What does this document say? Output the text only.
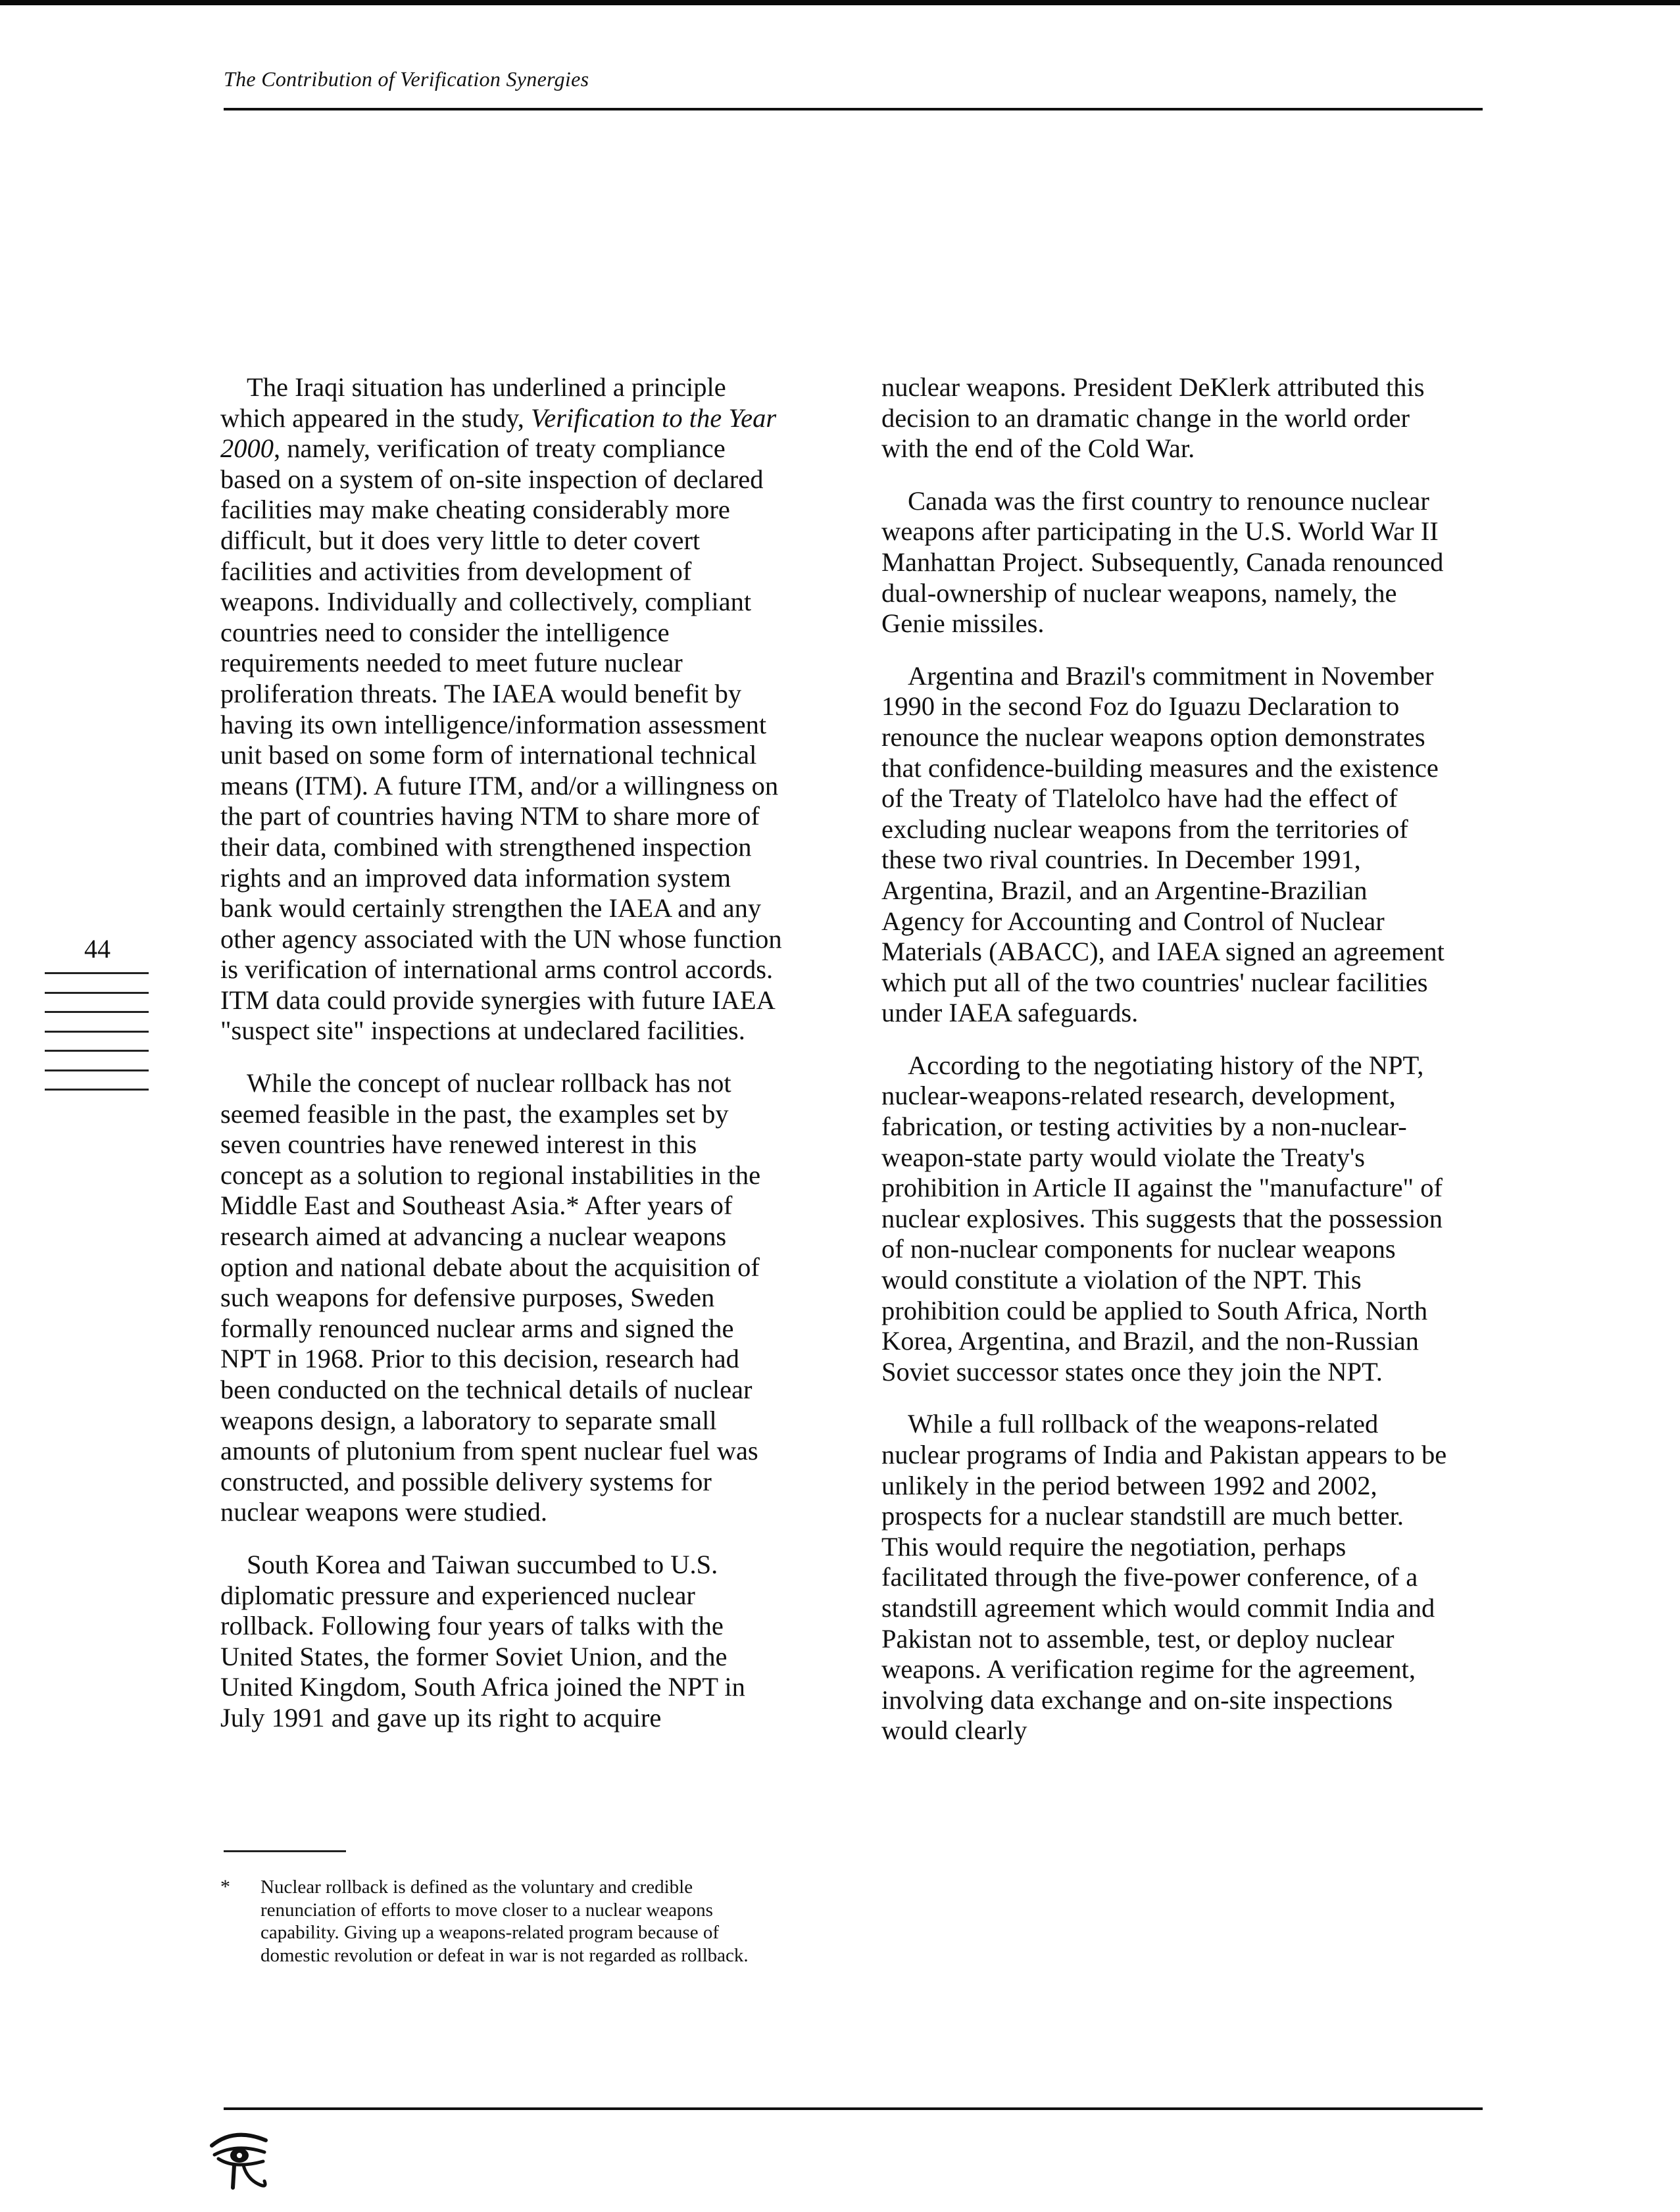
The Contribution of Verification Synergies

The Iraqi situation has underlined a principle which appeared in the study, Verification to the Year 2000, namely, verification of treaty compliance based on a system of on-site inspection of declared facilities may make cheating considerably more difficult, but it does very little to deter covert facilities and activities from development of weapons. Individually and collectively, compliant countries need to consider the intelligence requirements needed to meet future nuclear proliferation threats. The IAEA would benefit by having its own intelligence/information assessment unit based on some form of international technical means (ITM). A future ITM, and/or a willingness on the part of countries having NTM to share more of their data, combined with strengthened inspection rights and an improved data information system bank would certainly strengthen the IAEA and any other agency associated with the UN whose function is verification of international arms control accords. ITM data could provide synergies with future IAEA "suspect site" inspections at undeclared facilities.

While the concept of nuclear rollback has not seemed feasible in the past, the examples set by seven countries have renewed interest in this concept as a solution to regional instabilities in the Middle East and Southeast Asia.* After years of research aimed at advancing a nuclear weapons option and national debate about the acquisition of such weapons for defensive purposes, Sweden formally renounced nuclear arms and signed the NPT in 1968. Prior to this decision, research had been conducted on the technical details of nuclear weapons design, a laboratory to separate small amounts of plutonium from spent nuclear fuel was constructed, and possible delivery systems for nuclear weapons were studied.

South Korea and Taiwan succumbed to U.S. diplomatic pressure and experienced nuclear rollback. Following four years of talks with the United States, the former Soviet Union, and the United Kingdom, South Africa joined the NPT in July 1991 and gave up its right to acquire

nuclear weapons. President DeKlerk attributed this decision to an dramatic change in the world order with the end of the Cold War.

Canada was the first country to renounce nuclear weapons after participating in the U.S. World War II Manhattan Project. Subsequently, Canada renounced dual-ownership of nuclear weapons, namely, the Genie missiles.

Argentina and Brazil's commitment in November 1990 in the second Foz do Iguazu Declaration to renounce the nuclear weapons option demonstrates that confidence-building measures and the existence of the Treaty of Tlatelolco have had the effect of excluding nuclear weapons from the territories of these two rival countries. In December 1991, Argentina, Brazil, and an Argentine-Brazilian Agency for Accounting and Control of Nuclear Materials (ABACC), and IAEA signed an agreement which put all of the two countries' nuclear facilities under IAEA safeguards.

According to the negotiating history of the NPT, nuclear-weapons-related research, development, fabrication, or testing activities by a non-nuclear-weapon-state party would violate the Treaty's prohibition in Article II against the "manufacture" of nuclear explosives. This suggests that the possession of non-nuclear components for nuclear weapons would constitute a violation of the NPT. This prohibition could be applied to South Africa, North Korea, Argentina, and Brazil, and the non-Russian Soviet successor states once they join the NPT.

While a full rollback of the weapons-related nuclear programs of India and Pakistan appears to be unlikely in the period between 1992 and 2002, prospects for a nuclear standstill are much better. This would require the negotiation, perhaps facilitated through the five-power conference, of a standstill agreement which would commit India and Pakistan not to assemble, test, or deploy nuclear weapons. A verification regime for the agreement, involving data exchange and on-site inspections would clearly

44
* Nuclear rollback is defined as the voluntary and credible renunciation of efforts to move closer to a nuclear weapons capability. Giving up a weapons-related program because of domestic revolution or defeat in war is not regarded as rollback.
